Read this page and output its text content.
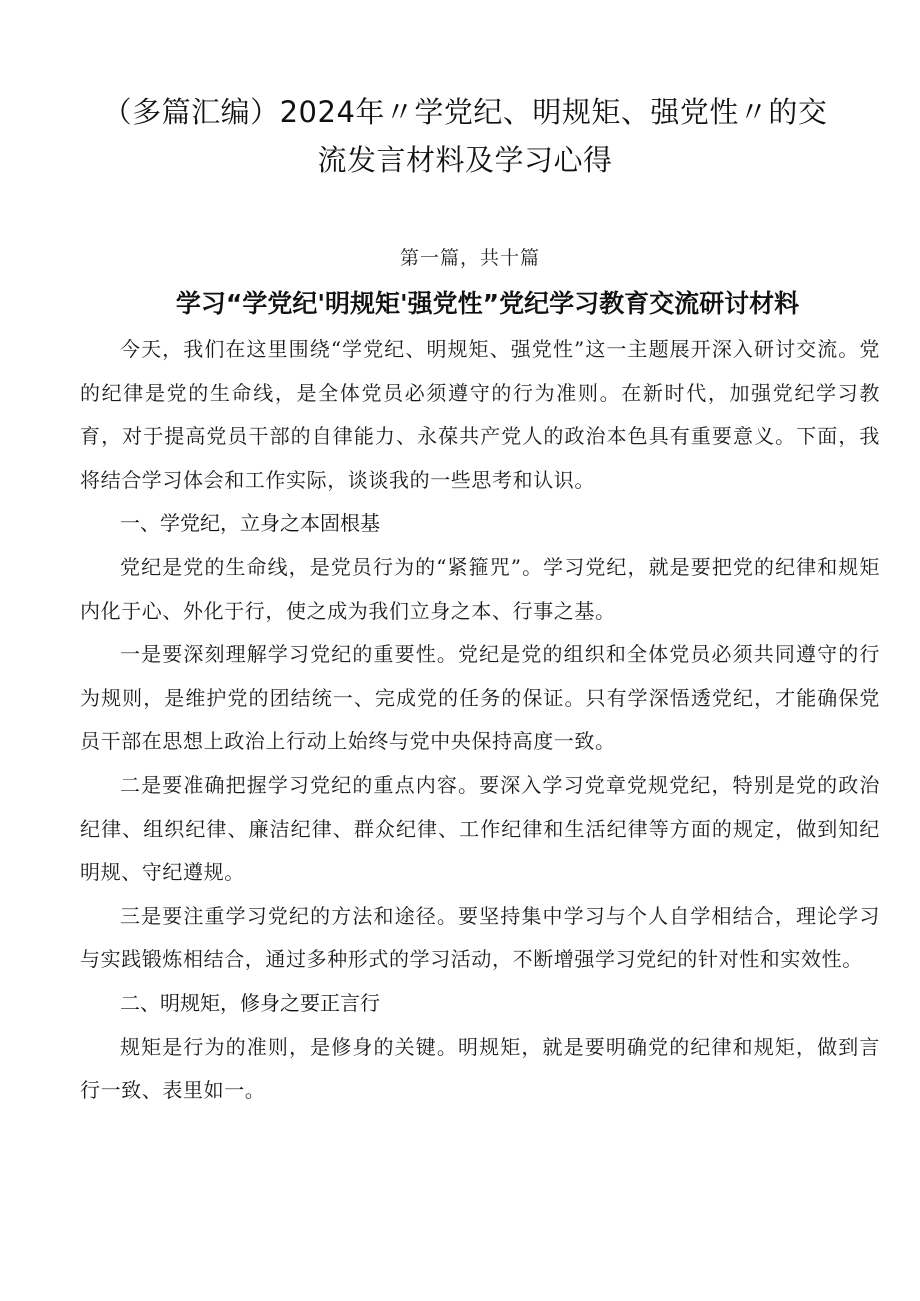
（多篇汇编）2024年〃学党纪、明规矩、强党性〃的交流发言材料及学习心得
第一篇，共十篇
学习“学党纪'明规矩'强党性”党纪学习教育交流研讨材料

今天，我们在这里围绕“学党纪、明规矩、强党性”这一主题展开深入研讨交流。党的纪律是党的生命线，是全体党员必须遵守的行为准则。在新时代，加强党纪学习教育，对于提高党员干部的自律能力、永葆共产党人的政治本色具有重要意义。下面，我将结合学习体会和工作实际，谈谈我的一些思考和认识。

一、学党纪，立身之本固根基

党纪是党的生命线，是党员行为的“紧箍咒”。学习党纪，就是要把党的纪律和规矩内化于心、外化于行，使之成为我们立身之本、行事之基。

一是要深刻理解学习党纪的重要性。党纪是党的组织和全体党员必须共同遵守的行为规则，是维护党的团结统一、完成党的任务的保证。只有学深悟透党纪，才能确保党员干部在思想上政治上行动上始终与党中央保持高度一致。

二是要准确把握学习党纪的重点内容。要深入学习党章党规党纪，特别是党的政治纪律、组织纪律、廉洁纪律、群众纪律、工作纪律和生活纪律等方面的规定，做到知纪明规、守纪遵规。

三是要注重学习党纪的方法和途径。要坚持集中学习与个人自学相结合，理论学习与实践锻炼相结合，通过多种形式的学习活动，不断增强学习党纪的针对性和实效性。

二、明规矩，修身之要正言行

规矩是行为的准则，是修身的关键。明规矩，就是要明确党的纪律和规矩，做到言行一致、表里如一。
